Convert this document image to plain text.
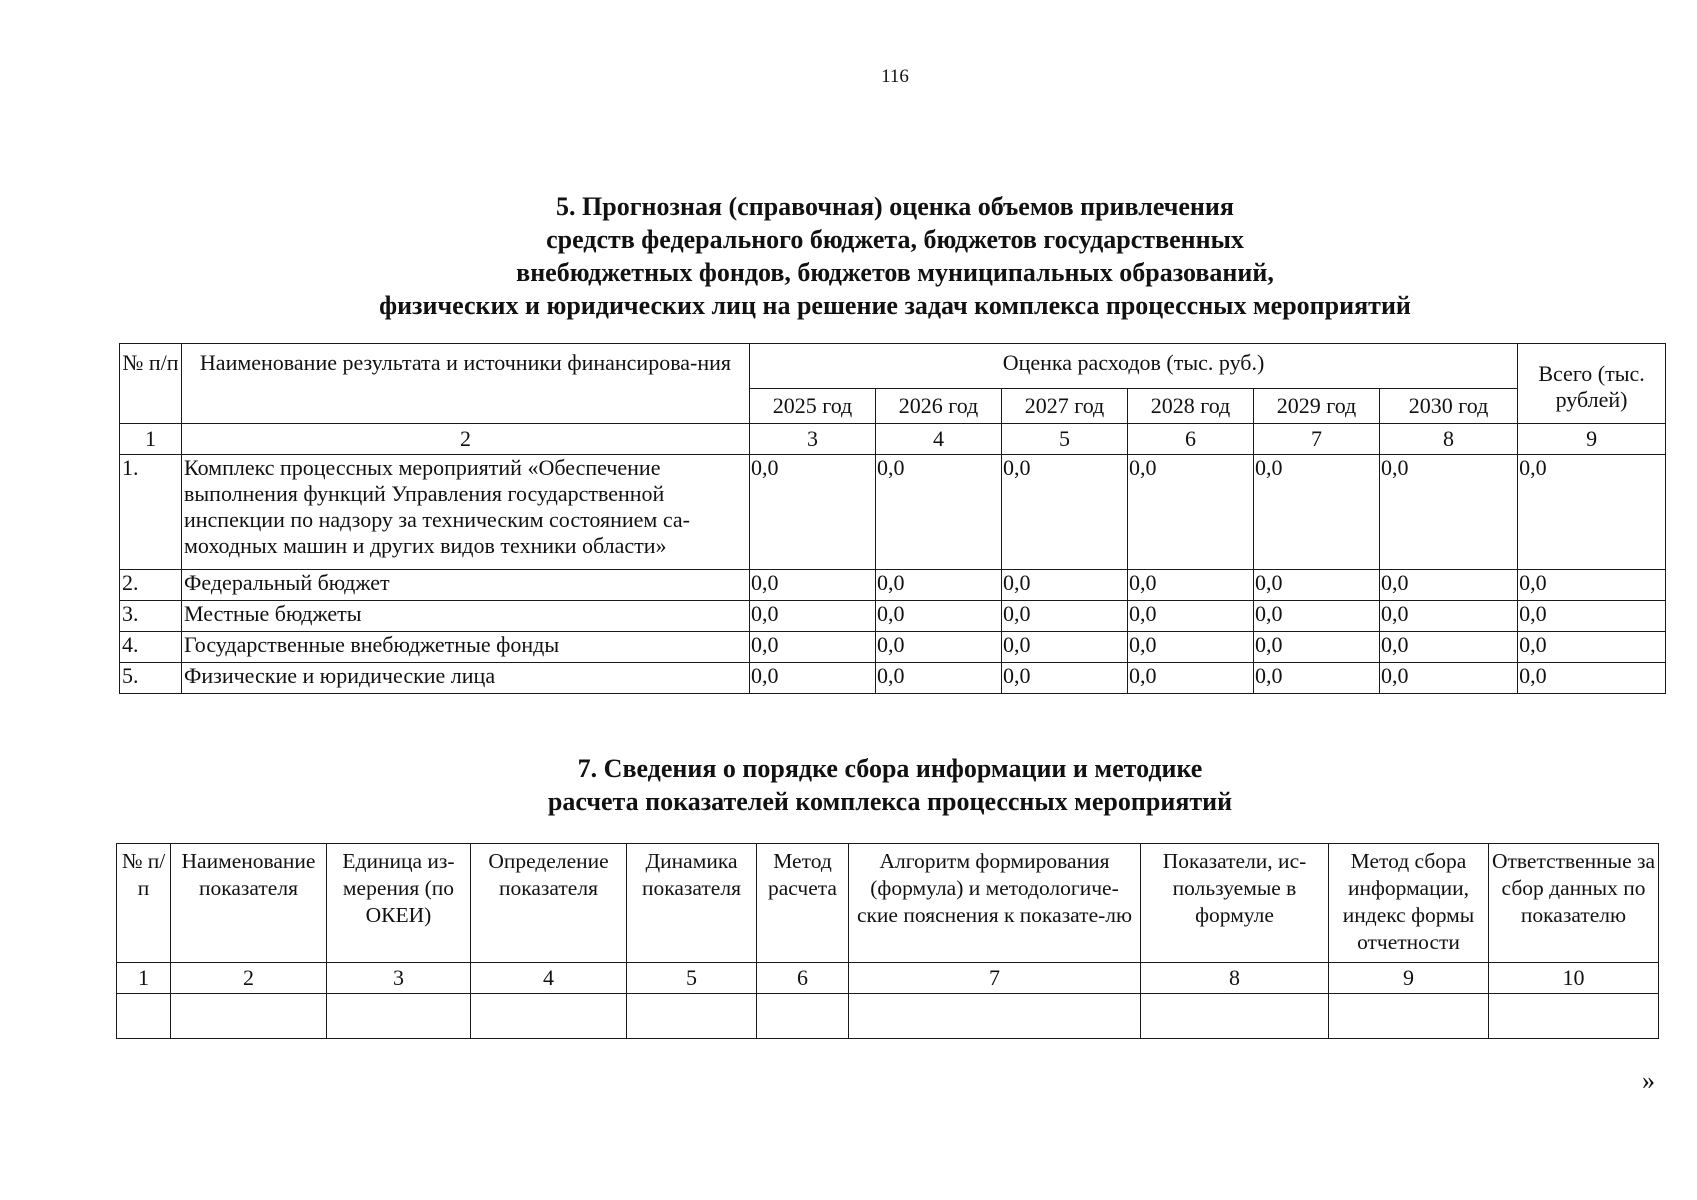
116
5. Прогнозная (справочная) оценка объемов привлечения
средств федерального бюджета, бюджетов государственных
внебюджетных фондов, бюджетов муниципальных образований,
физических и юридических лиц на решение задач комплекса процессных мероприятий
№ п/п	Наименование результата и источники финансирова-ния	Оценка расходов (тыс. руб.)						Всего (тыс. рублей)
		2025 год	2026 год	2027 год	2028 год	2029 год	2030 год	
1	2	3	4	5	6	7	8	9
1.	Комплекс процессных мероприятий «Обеспечение выполнения функций Управления государственной инспекции по надзору за техническим состоянием са-моходных машин и других видов техники области»	0,0	0,0	0,0	0,0	0,0	0,0	0,0
2.	Федеральный бюджет	0,0	0,0	0,0	0,0	0,0	0,0	0,0
3.	Местные бюджеты	0,0	0,0	0,0	0,0	0,0	0,0	0,0
4.	Государственные внебюджетные фонды	0,0	0,0	0,0	0,0	0,0	0,0	0,0
5.	Физические и юридические лица	0,0	0,0	0,0	0,0	0,0	0,0	0,0
7. Сведения о порядке сбора информации и методике
расчета показателей комплекса процессных мероприятий
№ п/п	Наименование показателя	Единица из-мерения (по ОКЕИ)	Определение показателя	Динамика показателя	Метод расчета	Алгоритм формирования (формула) и методологиче-ские пояснения к показате-лю	Показатели, ис-пользуемые в формуле	Метод сбора информации, индекс формы отчетности	Ответственные за сбор данных по показателю
1	2	3	4	5	6	7	8	9	10

»
